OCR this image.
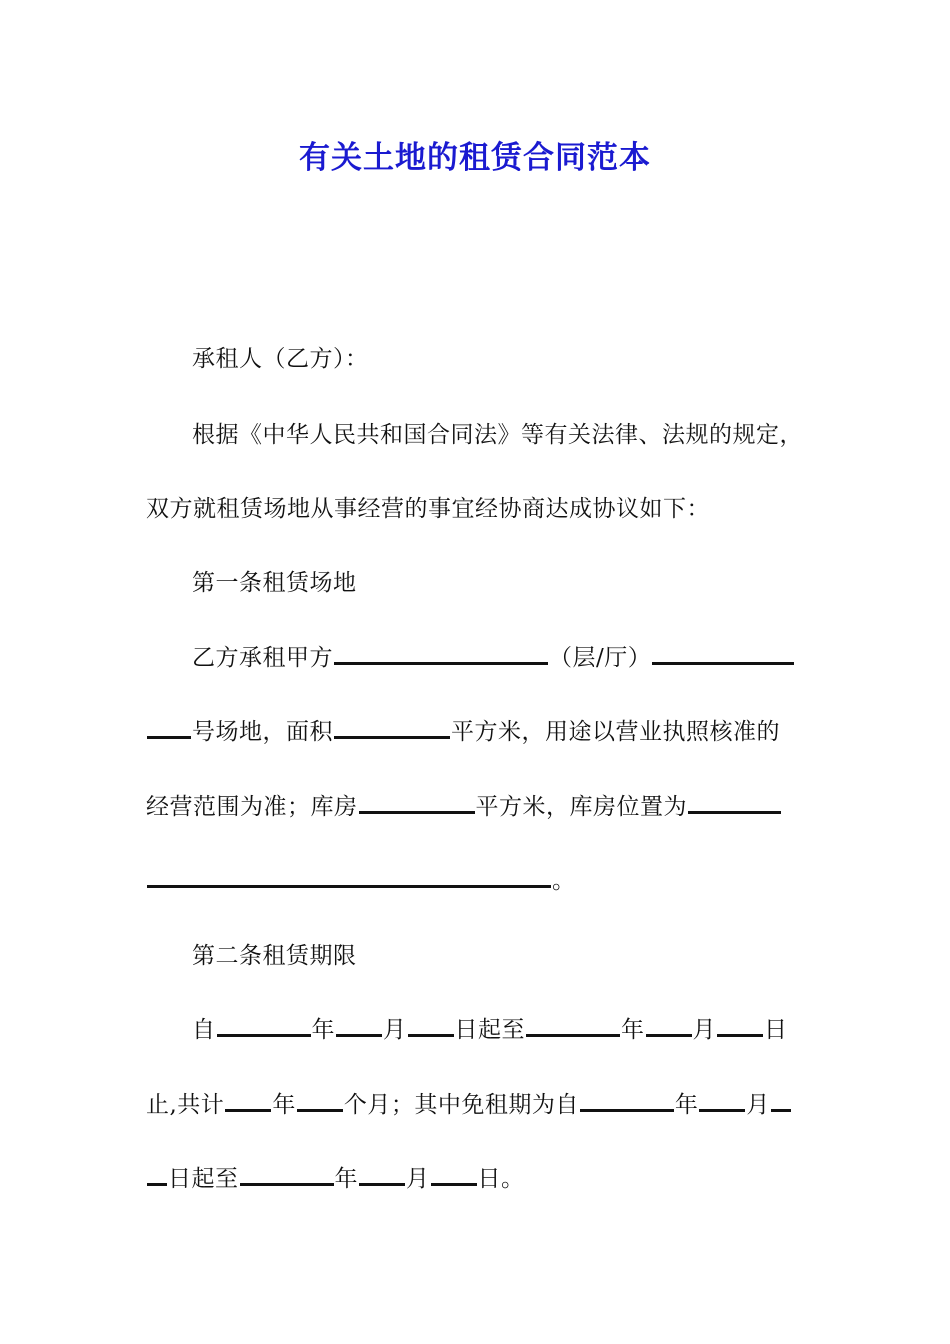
有关土地的租赁合同范本
承租人（乙方）：
根据《中华人民共和国合同法》等有关法律、法规的规定，
双方就租赁场地从事经营的事宜经协商达成协议如下：
第一条租赁场地
乙方承租甲方	（层/厅）
号场地，面积	平方米，用途以营业执照核准的
经营范围为准；库房	平方米，库房位置为
。
第二条租赁期限
自	年 月 日起至	年 月 日
止,共计 年 个月；其中免租期为自	年 月
日起至	年 月 日。
